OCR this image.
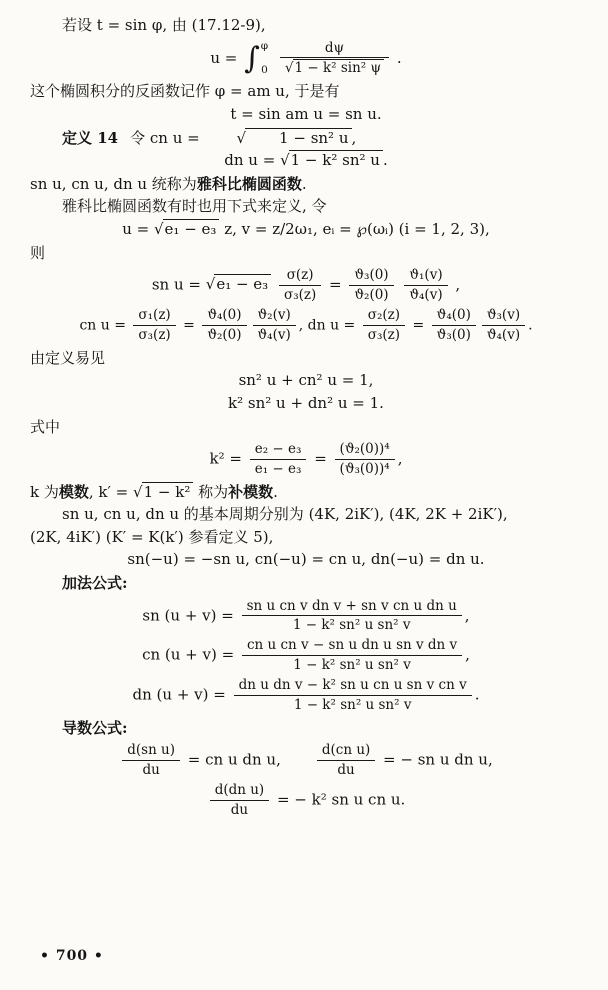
若设 t = sin φ, 由 (17.12-9),

u = ∫ φ
0
$\frac{d\psi}{\text{√1 − k² sin² ψ}}$ .

这个椭圆积分的反函数记作 φ = am u, 于是有

t = sin am u = sn u.

定义 14 令 cn u = √ 1 − sn² u ,

dn u = √1 − k² sn² u .

sn u, cn u, dn u 统称为雅科比椭圆函数.

雅科比椭圆函数有时也用下式来定义, 令

u = √e₁ − e₃ z, v = z/2ω₁, eᵢ = ℘(ωᵢ) (i = 1, 2, 3),

则

sn $u = √e_1 - e_3 \frac{\sigma(z)}{\text{σ₃(z)}} = \frac{\text{ϑ₃(0)}}{\text{ϑ₂(0)}}$
$\frac{\text{ϑ₁(v)}}{\text{ϑ₄(v)}}$ ,
cn $u = \frac{\text{σ₁(z)}}{\text{σ₃(z)}} = \frac{\text{ϑ₄(0)}}{\text{ϑ₂(0)}} \frac{\text{ϑ₂(v)}}{\text{ϑ₄(v)}}$ , dn $u = \frac{\text{σ₂(z)}}{\text{σ₃(z)}} = \frac{\text{ϑ₄(0)}}{\text{ϑ₃(0)}} \frac{\text{ϑ₃(v)}}{\text{ϑ₄(v)}}$ .

由定义易见

sn² u + cn² u = 1,
k² sn² u + dn² u = 1.

式中

$k^2 = \frac{\text{e₂ − e₃}}{\text{e₁ − e₃}} = \frac{\text{(ϑ₂(0))⁴}}{\text{(ϑ₃(0))⁴}}$ ,

k 为模数, k′ = √1 − k² 称为补模数.

sn u, cn u, dn u 的基本周期分别为 (4K, 2iK′), (4K, 2K + 2iK′),

(2K, 4iK′) (K′ = K(k′) 参看定义 5),

sn(−u) = −sn u, cn(−u) = cn u, dn(−u) = dn u.

加法公式:

sn $(u + v) = \frac{\text{sn u cn v dn v + sn v cn u dn u}}{\text{1 − k² sn² u sn² v}}$ ,
cn $(u + v) = \frac{\text{cn u cn v − sn u dn u sn v dn v}}{\text{1 − k² sn² u sn² v}}$ ,
dn $(u + v) = \frac{\text{dn u dn v − k² sn u cn u sn v cn v}}{\text{1 − k² sn² u sn² v}}$ .

导数公式:

$\frac{\text{d(sn u)}}{du}$ = cn u dn u,	$\frac{\text{d(cn u)}}{du}$ = − sn u dn u,
$\frac{\text{d(dn u)}}{du}$ = − k² sn u cn u.
• 700 •
